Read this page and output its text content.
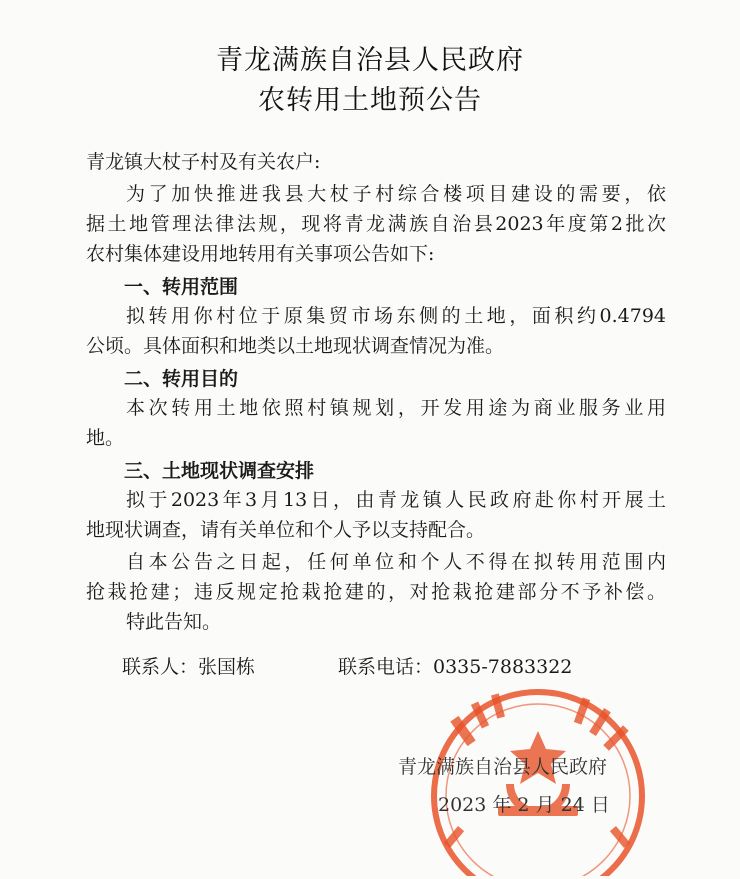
青龙满族自治县人民政府
农转用土地预公告
青龙镇大杖子村及有关农户:
为了加快推进我县大杖子村综合楼项目建设的需要，依
据土地管理法律法规，现将青龙满族自治县2023年度第2批次
农村集体建设用地转用有关事项公告如下:
一、转用范围
拟转用你村位于原集贸市场东侧的土地，面积约0.4794
公顷。具体面积和地类以土地现状调查情况为准。
二、转用目的
本次转用土地依照村镇规划，开发用途为商业服务业用
地。
三、土地现状调查安排
拟于2023年3月13日，由青龙镇人民政府赴你村开展土
地现状调查，请有关单位和个人予以支持配合。
自本公告之日起，任何单位和个人不得在拟转用范围内
抢栽抢建；违反规定抢栽抢建的，对抢栽抢建部分不予补偿。
特此告知。
联系人：张国栋	联系电话：0335-7883322
青龙满族自治县人民政府
2023 年 2 月 24 日
